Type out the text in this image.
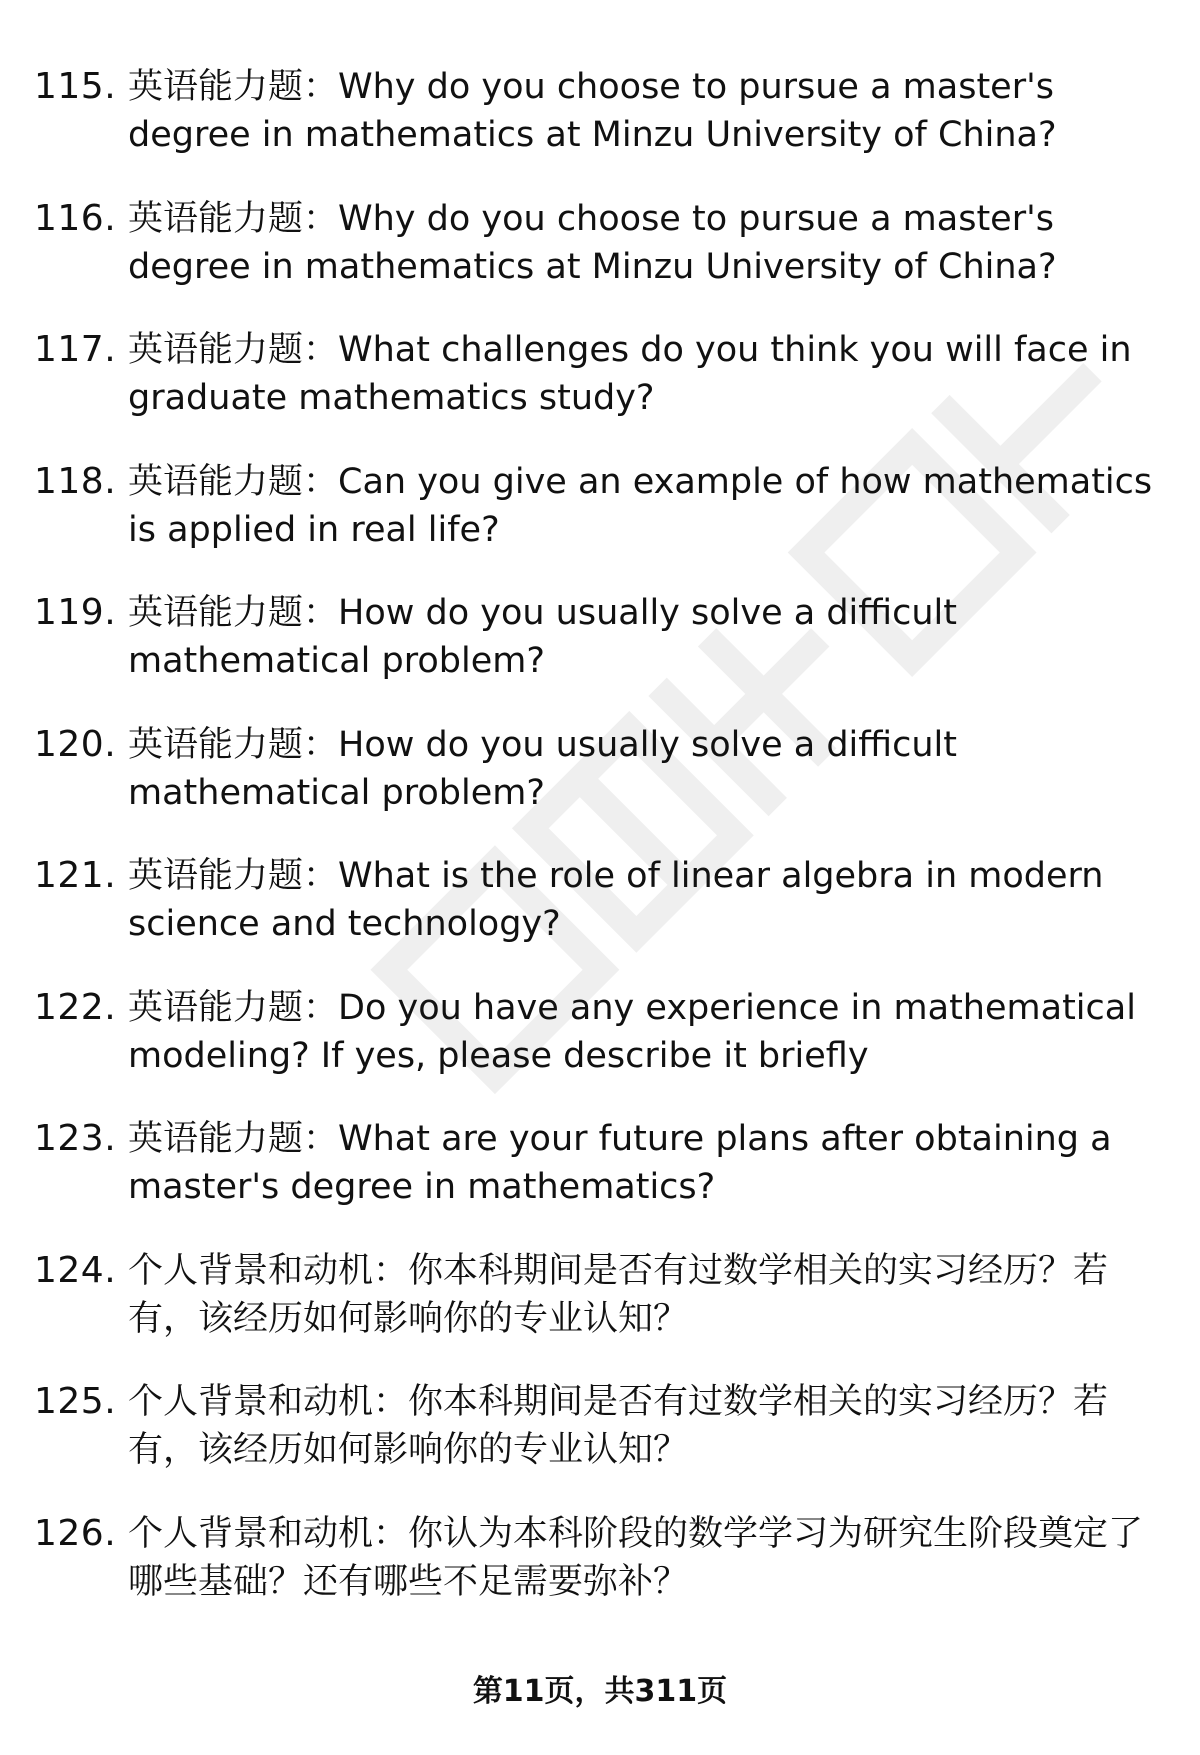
115. 英语能力题：Why do you choose to pursue a master's degree in mathematics at Minzu University of China?
116. 英语能力题：Why do you choose to pursue a master's degree in mathematics at Minzu University of China?
117. 英语能力题：What challenges do you think you will face in graduate mathematics study?
118. 英语能力题：Can you give an example of how mathematics is applied in real life?
119. 英语能力题：How do you usually solve a difficult mathematical problem?
120. 英语能力题：How do you usually solve a difficult mathematical problem?
121. 英语能力题：What is the role of linear algebra in modern science and technology?
122. 英语能力题：Do you have any experience in mathematical modeling? If yes, please describe it briefly
123. 英语能力题：What are your future plans after obtaining a master's degree in mathematics?
124. 个人背景和动机：你本科期间是否有过数学相关的实习经历？若有，该经历如何影响你的专业认知？
125. 个人背景和动机：你本科期间是否有过数学相关的实习经历？若有，该经历如何影响你的专业认知？
126. 个人背景和动机：你认为本科阶段的数学学习为研究生阶段奠定了哪些基础？还有哪些不足需要弥补？
第11页，共311页
